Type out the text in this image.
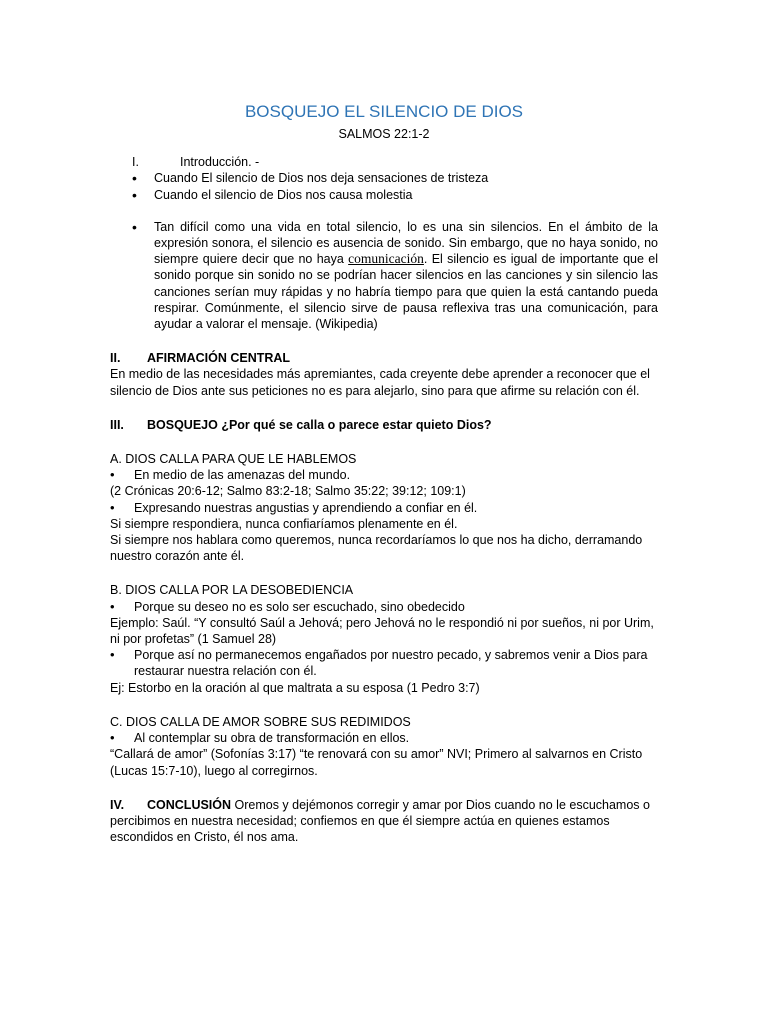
BOSQUEJO EL SILENCIO DE DIOS
SALMOS 22:1-2
I.	Introducción. -
• Cuando El silencio de Dios nos deja sensaciones de tristeza
• Cuando el silencio de Dios nos causa molestia
• Tan difícil como una vida en total silencio, lo es una sin silencios. En el ámbito de la expresión sonora, el silencio es ausencia de sonido. Sin embargo, que no haya sonido, no siempre quiere decir que no haya comunicación. El silencio es igual de importante que el sonido porque sin sonido no se podrían hacer silencios en las canciones y sin silencio las canciones serían muy rápidas y no habría tiempo para que quien la está cantando pueda respirar. Comúnmente, el silencio sirve de pausa reflexiva tras una comunicación, para ayudar a valorar el mensaje. (Wikipedia)
II. AFIRMACIÓN CENTRAL
En medio de las necesidades más apremiantes, cada creyente debe aprender a reconocer que el silencio de Dios ante sus peticiones no es para alejarlo, sino para que afirme su relación con él.
III. BOSQUEJO ¿Por qué se calla o parece estar quieto Dios?
A. DIOS CALLA PARA QUE LE HABLEMOS
• En medio de las amenazas del mundo.
(2 Crónicas 20:6-12; Salmo 83:2-18; Salmo 35:22; 39:12; 109:1)
• Expresando nuestras angustias y aprendiendo a confiar en él.
Si siempre respondiera, nunca confiaríamos plenamente en él.
Si siempre nos hablara como queremos, nunca recordaríamos lo que nos ha dicho, derramando nuestro corazón ante él.
B. DIOS CALLA POR LA DESOBEDIENCIA
• Porque su deseo no es solo ser escuchado, sino obedecido
Ejemplo: Saúl. “Y consultó Saúl a Jehová; pero Jehová no le respondió ni por sueños, ni por Urim, ni por profetas” (1 Samuel 28)
• Porque así no permanecemos engañados por nuestro pecado, y sabremos venir a Dios para restaurar nuestra relación con él.
Ej: Estorbo en la oración al que maltrata a su esposa (1 Pedro 3:7)
C. DIOS CALLA DE AMOR SOBRE SUS REDIMIDOS
• Al contemplar su obra de transformación en ellos.
“Callará de amor” (Sofonías 3:17) “te renovará con su amor” NVI; Primero al salvarnos en Cristo (Lucas 15:7-10), luego al corregirnos.
IV. CONCLUSIÓN Oremos y dejémonos corregir y amar por Dios cuando no le escuchamos o percibimos en nuestra necesidad; confiemos en que él siempre actúa en quienes estamos escondidos en Cristo, él nos ama.
